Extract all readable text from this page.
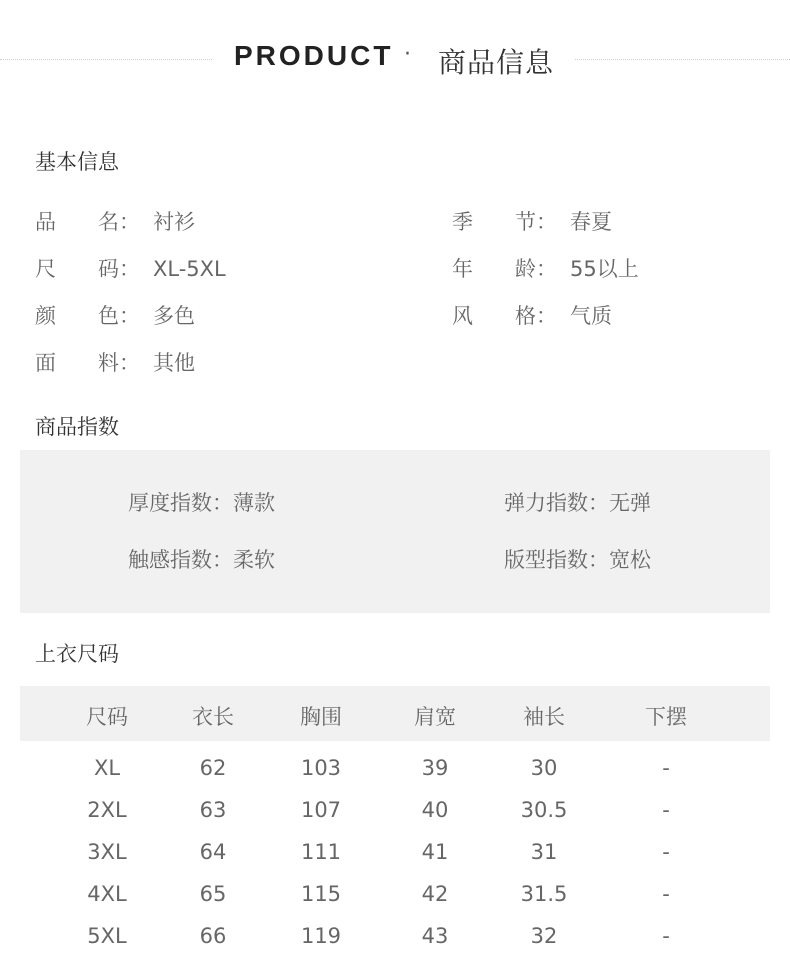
PRODUCT · 商品信息
基本信息
品　　名： 衬衫	季　　节： 春夏
尺　　码： XL-5XL	年　　龄： 55以上
颜　　色： 多色	风　　格： 气质
面　　料： 其他
商品指数
厚度指数：薄款	弹力指数：无弹
触感指数：柔软	版型指数：宽松
上衣尺码
尺码	衣长	胸围	肩宽	袖长	下摆
XL	62	103	39	30	-
2XL	63	107	40	30.5	-
3XL	64	111	41	31	-
4XL	65	115	42	31.5	-
5XL	66	119	43	32	-
